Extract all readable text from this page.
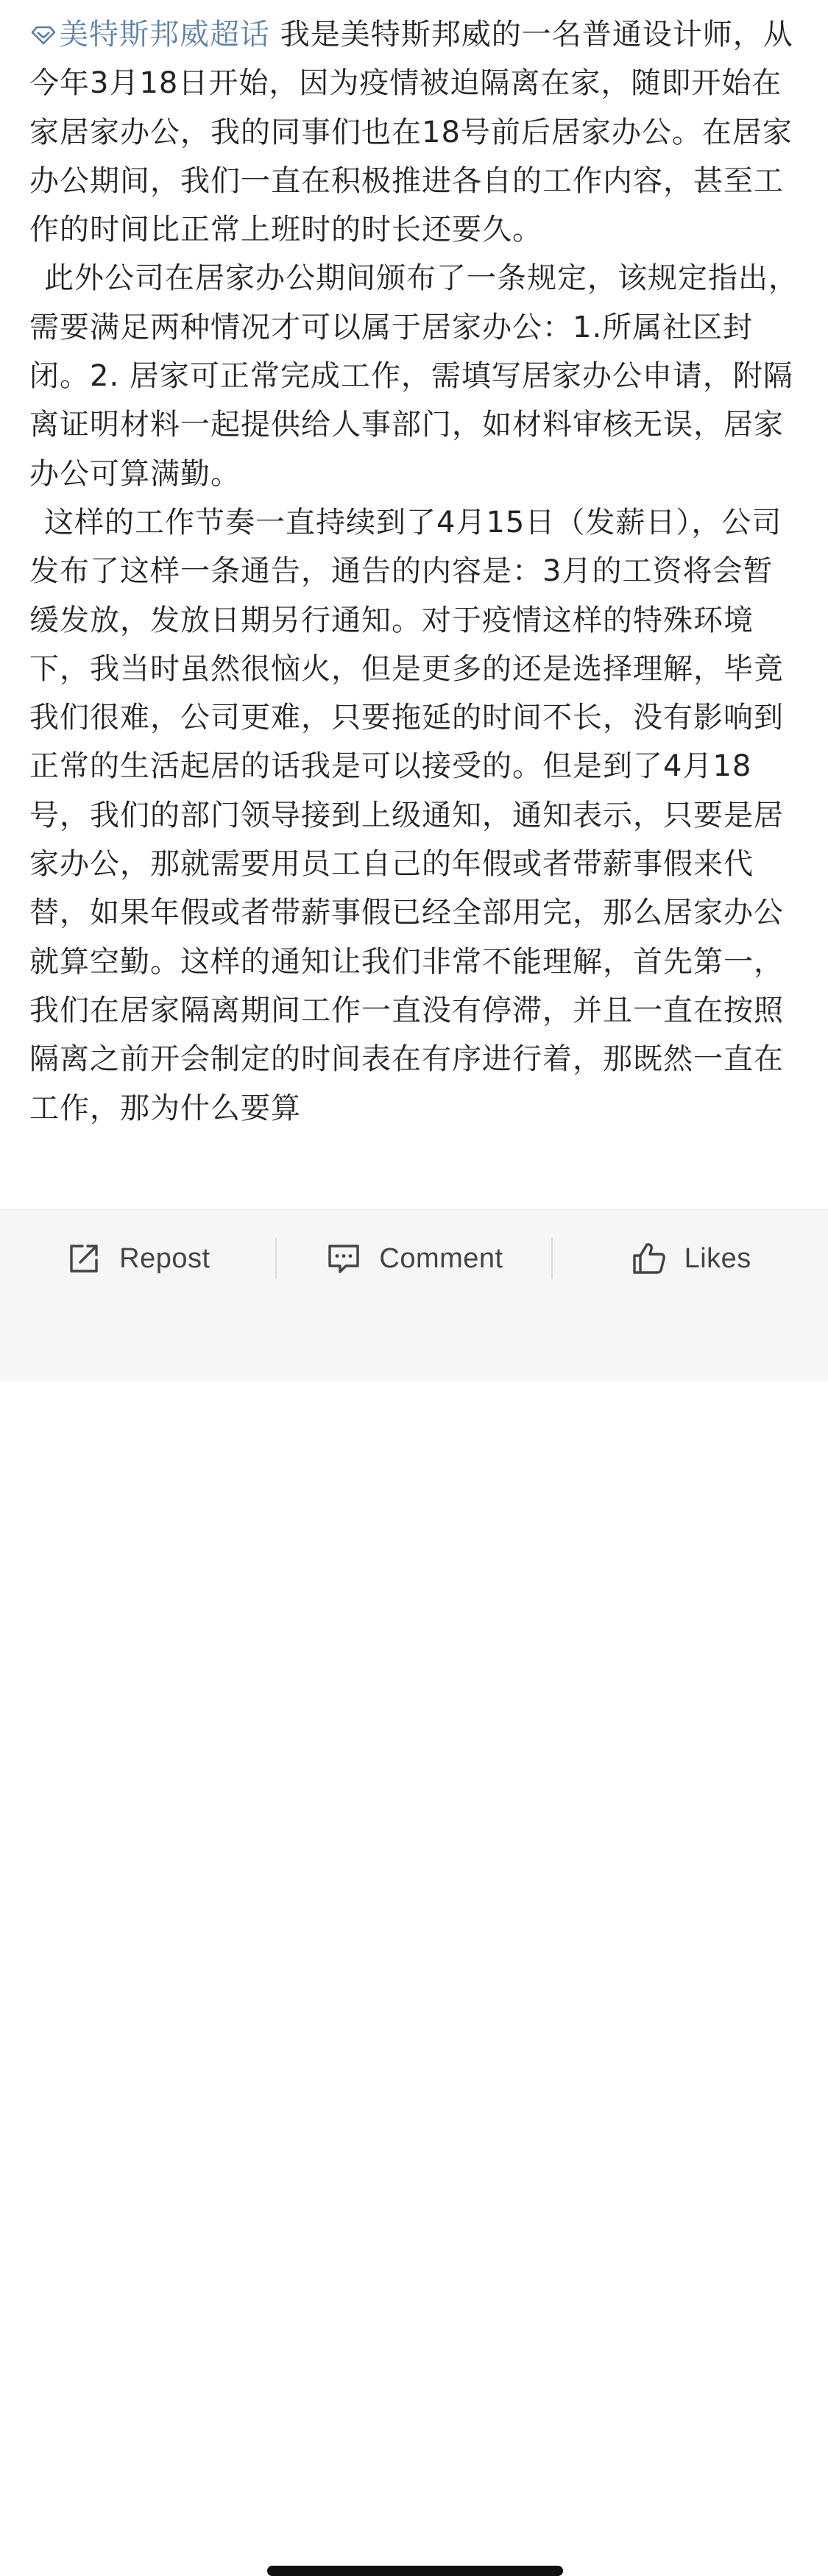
美特斯邦威超话 我是美特斯邦威的一名普通设计师，从今年3月18日开始，因为疫情被迫隔离在家，随即开始在家居家办公，我的同事们也在18号前后居家办公。在居家办公期间，我们一直在积极推进各自的工作内容，甚至工作的时间比正常上班时的时长还要久。

此外公司在居家办公期间颁布了一条规定，该规定指出，需要满足两种情况才可以属于居家办公：1.所属社区封闭。2. 居家可正常完成工作，需填写居家办公申请，附隔离证明材料一起提供给人事部门，如材料审核无误，居家办公可算满勤。

这样的工作节奏一直持续到了4月15日（发薪日），公司发布了这样一条通告，通告的内容是：3月的工资将会暂缓发放，发放日期另行通知。对于疫情这样的特殊环境下，我当时虽然很恼火，但是更多的还是选择理解，毕竟我们很难，公司更难，只要拖延的时间不长，没有影响到正常的生活起居的话我是可以接受的。但是到了4月18号，我们的部门领导接到上级通知，通知表示，只要是居家办公，那就需要用员工自己的年假或者带薪事假来代替，如果年假或者带薪事假已经全部用完，那么居家办公就算空勤。这样的通知让我们非常不能理解，首先第一，我们在居家隔离期间工作一直没有停滞，并且一直在按照隔离之前开会制定的时间表在有序进行着，那既然一直在工作，那为什么要算

Repost	Comment	Likes
